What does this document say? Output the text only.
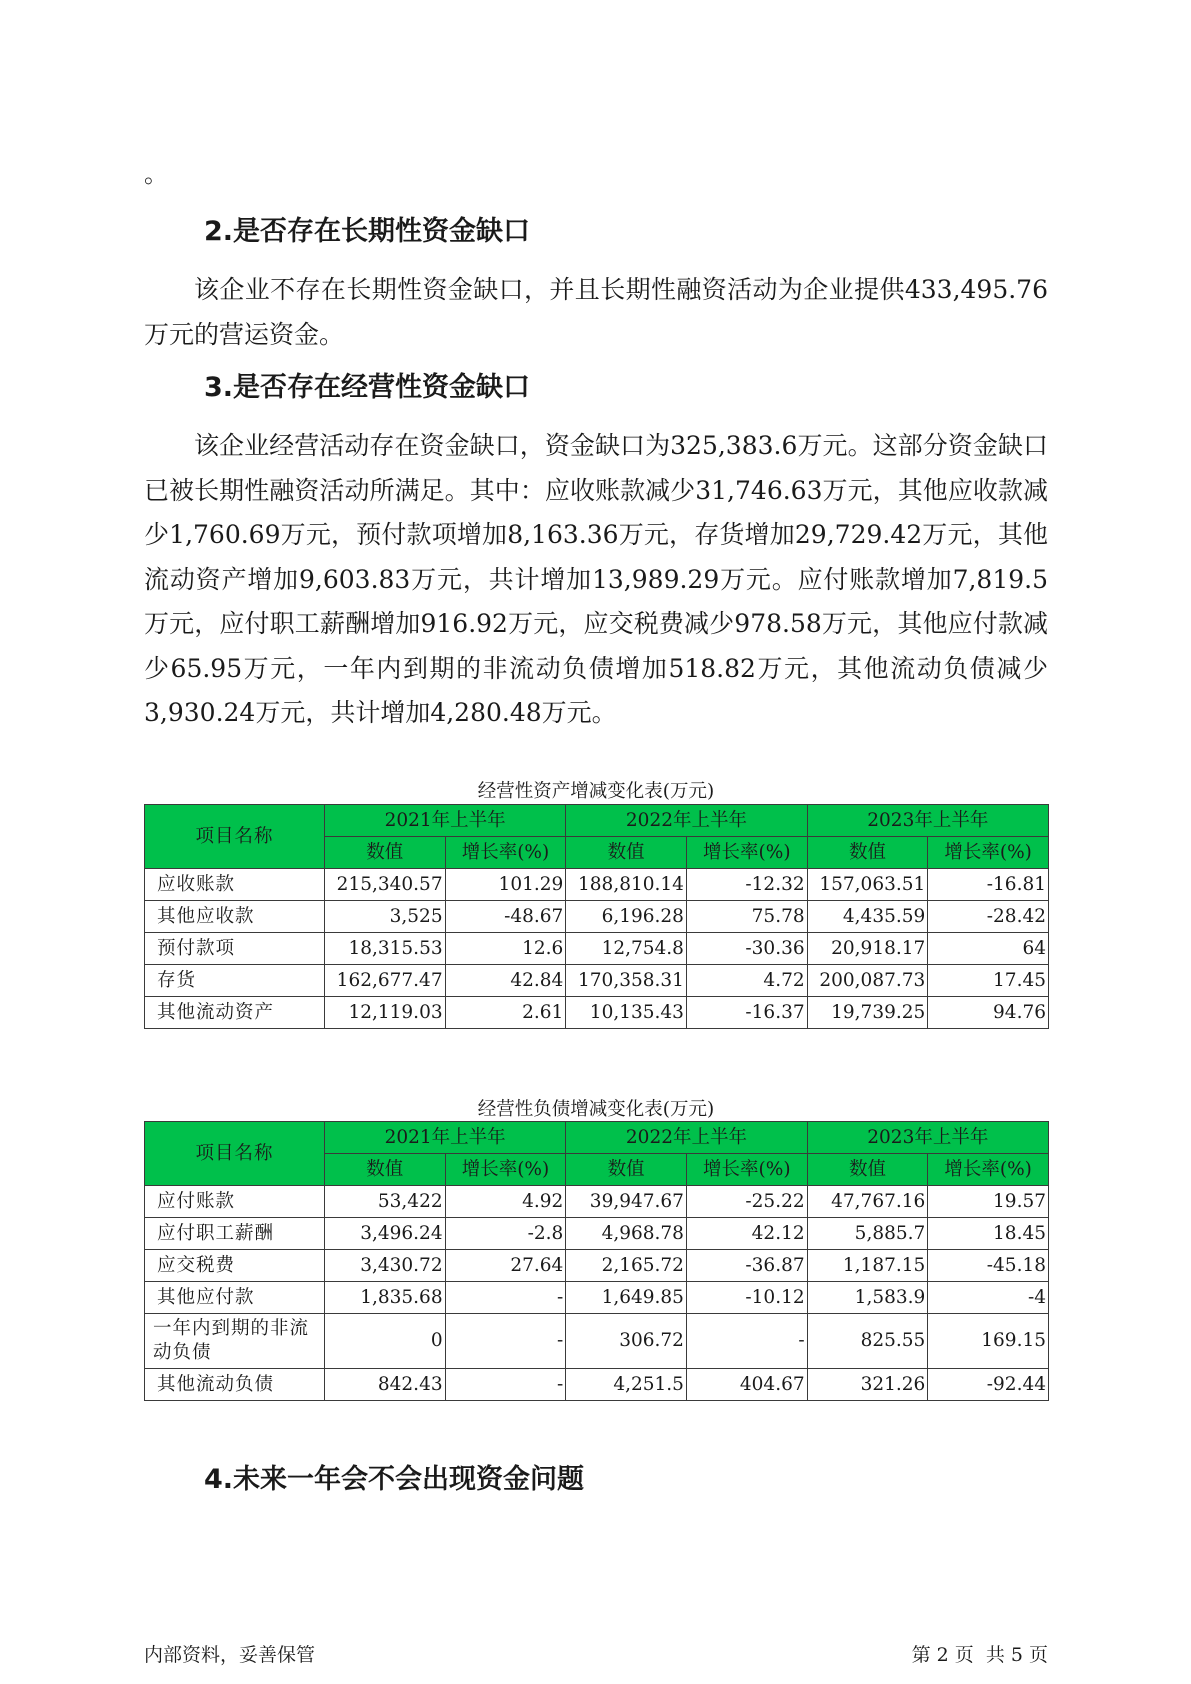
。
2.是否存在长期性资金缺口

该企业不存在长期性资金缺口，并且长期性融资活动为企业提供433,495.76万元的营运资金。

3.是否存在经营性资金缺口

该企业经营活动存在资金缺口，资金缺口为325,383.6万元。这部分资金缺口已被长期性融资活动所满足。其中：应收账款减少31,746.63万元，其他应收款减少1,760.69万元，预付款项增加8,163.36万元，存货增加29,729.42万元，其他流动资产增加9,603.83万元，共计增加13,989.29万元。应付账款增加7,819.5万元，应付职工薪酬增加916.92万元，应交税费减少978.58万元，其他应付款减少65.95万元，一年内到期的非流动负债增加518.82万元，其他流动负债减少3,930.24万元，共计增加4,280.48万元。

经营性资产增减变化表(万元)
项目名称	2021年上半年		2022年上半年		2023年上半年	
	数值	增长率(%)	数值	增长率(%)	数值	增长率(%)
应收账款	215,340.57	101.29	188,810.14	-12.32	157,063.51	-16.81
其他应收款	3,525	-48.67	6,196.28	75.78	4,435.59	-28.42
预付款项	18,315.53	12.6	12,754.8	-30.36	20,918.17	64
存货	162,677.47	42.84	170,358.31	4.72	200,087.73	17.45
其他流动资产	12,119.03	2.61	10,135.43	-16.37	19,739.25	94.76
经营性负债增减变化表(万元)
项目名称	2021年上半年		2022年上半年		2023年上半年	
	数值	增长率(%)	数值	增长率(%)	数值	增长率(%)
应付账款	53,422	4.92	39,947.67	-25.22	47,767.16	19.57
应付职工薪酬	3,496.24	-2.8	4,968.78	42.12	5,885.7	18.45
应交税费	3,430.72	27.64	2,165.72	-36.87	1,187.15	-45.18
其他应付款	1,835.68	-	1,649.85	-10.12	1,583.9	-4
一年内到期的非流动负债	0	-	306.72	-	825.55	169.15
其他流动负债	842.43	-	4,251.5	404.67	321.26	-92.44
4.未来一年会不会出现资金问题
内部资料，妥善保管	第 2 页  共 5 页
